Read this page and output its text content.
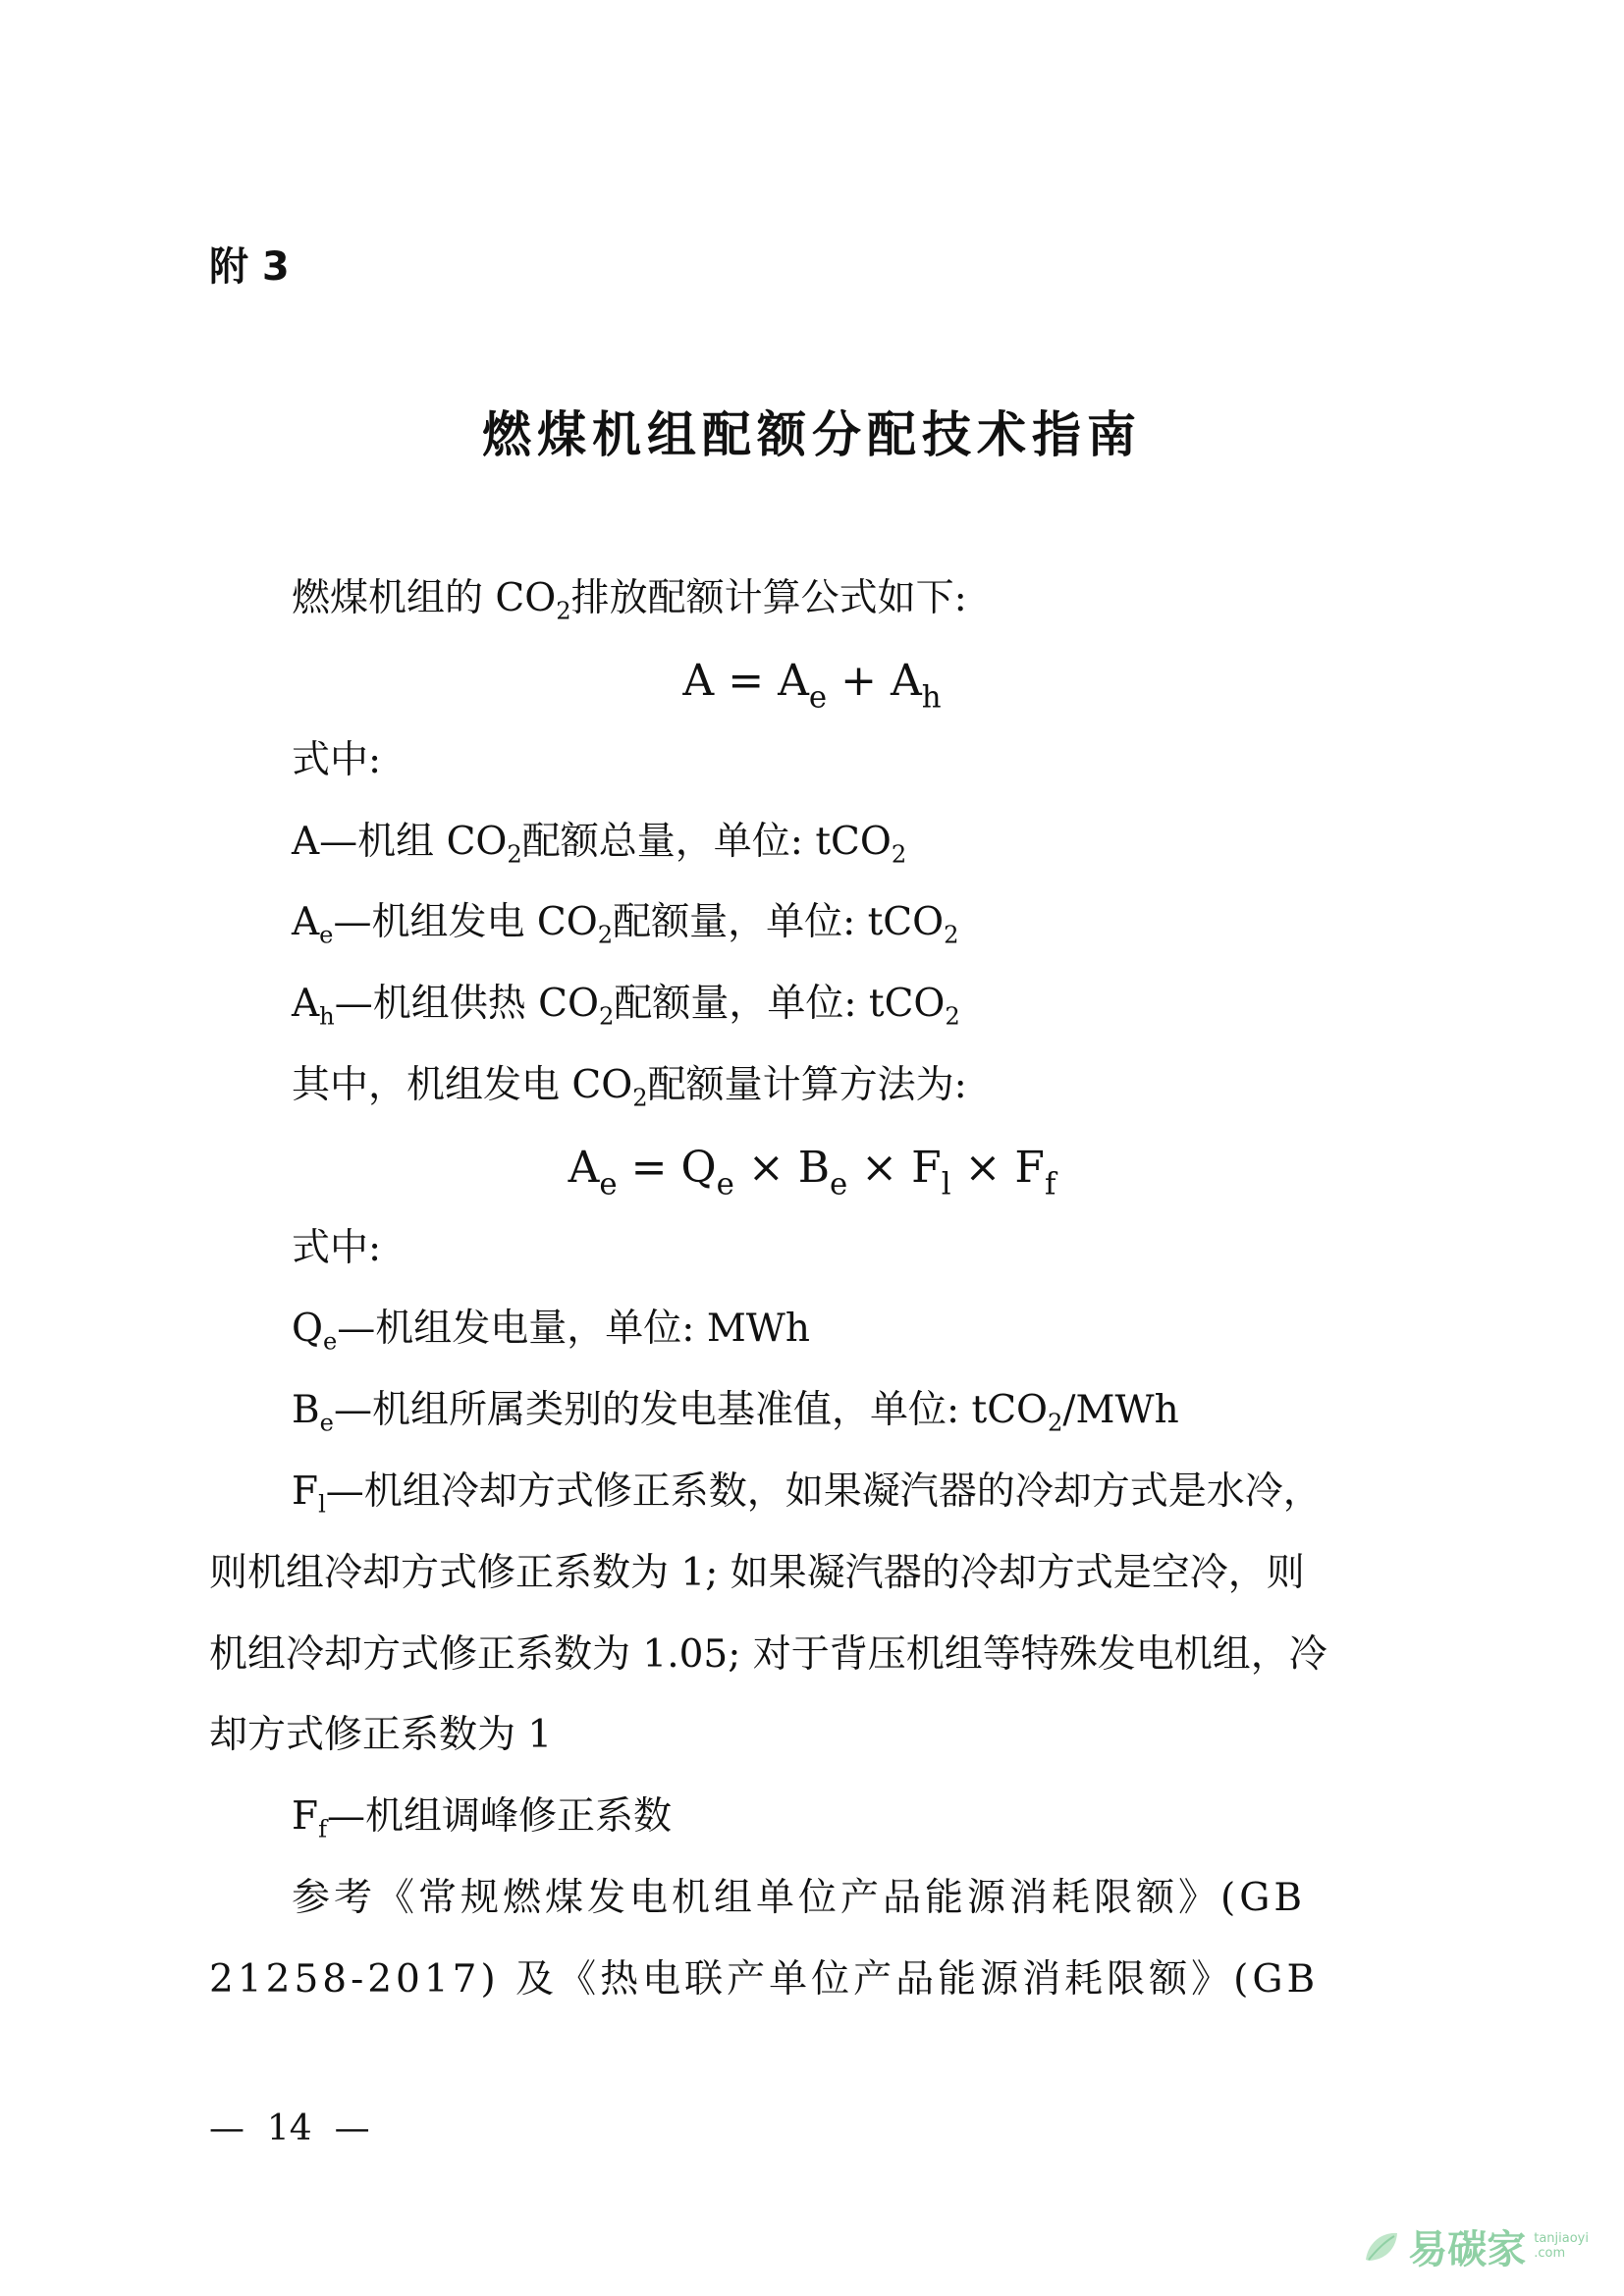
附 3
燃煤机组配额分配技术指南
燃煤机组的 $CO_2$排放配额计算公式如下:
$A = A_e + A_h$
式中:
A—机组 $CO_2$配额总量，单位: tCO$_2$
$A_e—$机组发电 $CO_2$配额量，单位: tCO$_2$
$A_h—$机组供热 $CO_2$配额量，单位: tCO$_2$
其中，机组发电 $CO_2$配额量计算方法为:
$A_e = Q_e \times B_e \times F_l \times F_f$
式中:
$Q_e—$机组发电量，单位: MWh
$B_e—$机组所属类别的发电基准值，单位: tCO$_2$/MWh
$F_l—$机组冷却方式修正系数，如果凝汽器的冷却方式是水冷，
则机组冷却方式修正系数为 1; 如果凝汽器的冷却方式是空冷，则
机组冷却方式修正系数为 1.05; 对于背压机组等特殊发电机组，冷
却方式修正系数为 1
$F_f—$机组调峰修正系数
参考《常规燃煤发电机组单位产品能源消耗限额》(GB
21258-2017) 及《热电联产单位产品能源消耗限额》(GB
—  14  —
易碳家 tanjiaoyi
.com
